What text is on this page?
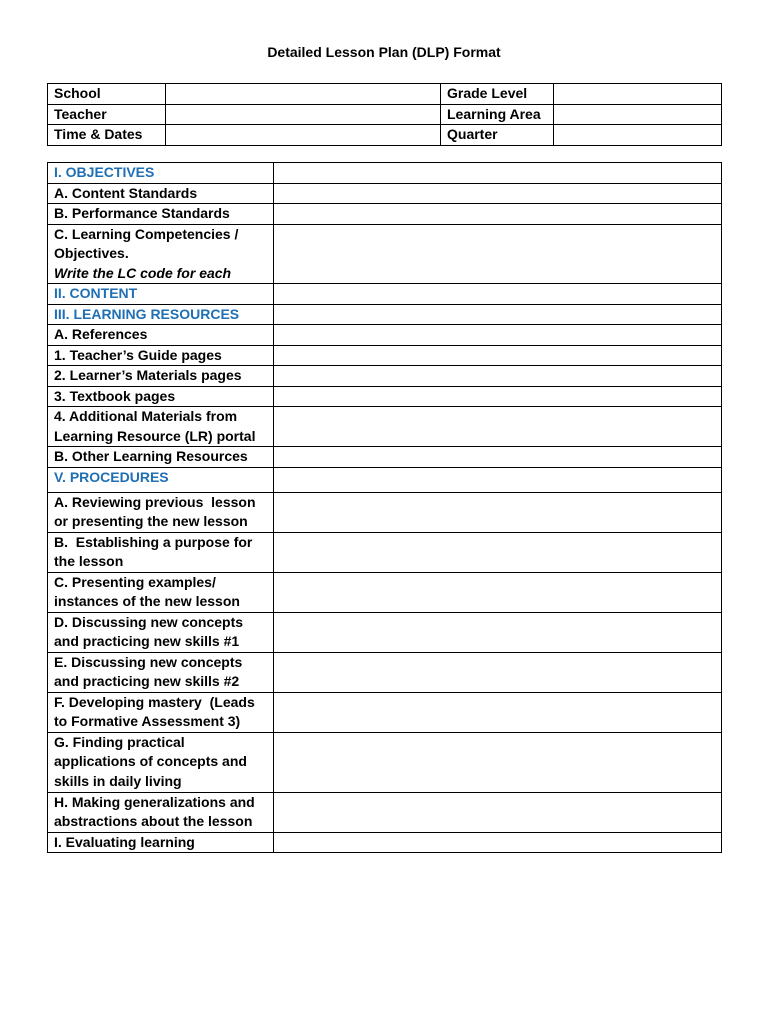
Detailed Lesson Plan (DLP) Format
School		Grade Level	
Teacher		Learning Area	
Time & Dates		Quarter	
I. OBJECTIVES	
A. Content Standards	
B. Performance Standards	

C. Learning Competencies /
Objectives.
Write the LC code for each	

II. CONTENT	
III. LEARNING RESOURCES	
A. References	
1. Teacher’s Guide pages	
2. Learner’s Materials pages	
3. Textbook pages	

4. Additional Materials from
Learning Resource (LR) portal	

B. Other Learning Resources	
V. PROCEDURES	

A. Reviewing previous  lesson
or presenting the new lesson	

B.  Establishing a purpose for
the lesson	

C. Presenting examples/
instances of the new lesson	

D. Discussing new concepts
and practicing new skills #1	

E. Discussing new concepts
and practicing new skills #2	

F. Developing mastery  (Leads
to Formative Assessment 3)	

G. Finding practical
applications of concepts and
skills in daily living	

H. Making generalizations and
abstractions about the lesson	

I. Evaluating learning	
